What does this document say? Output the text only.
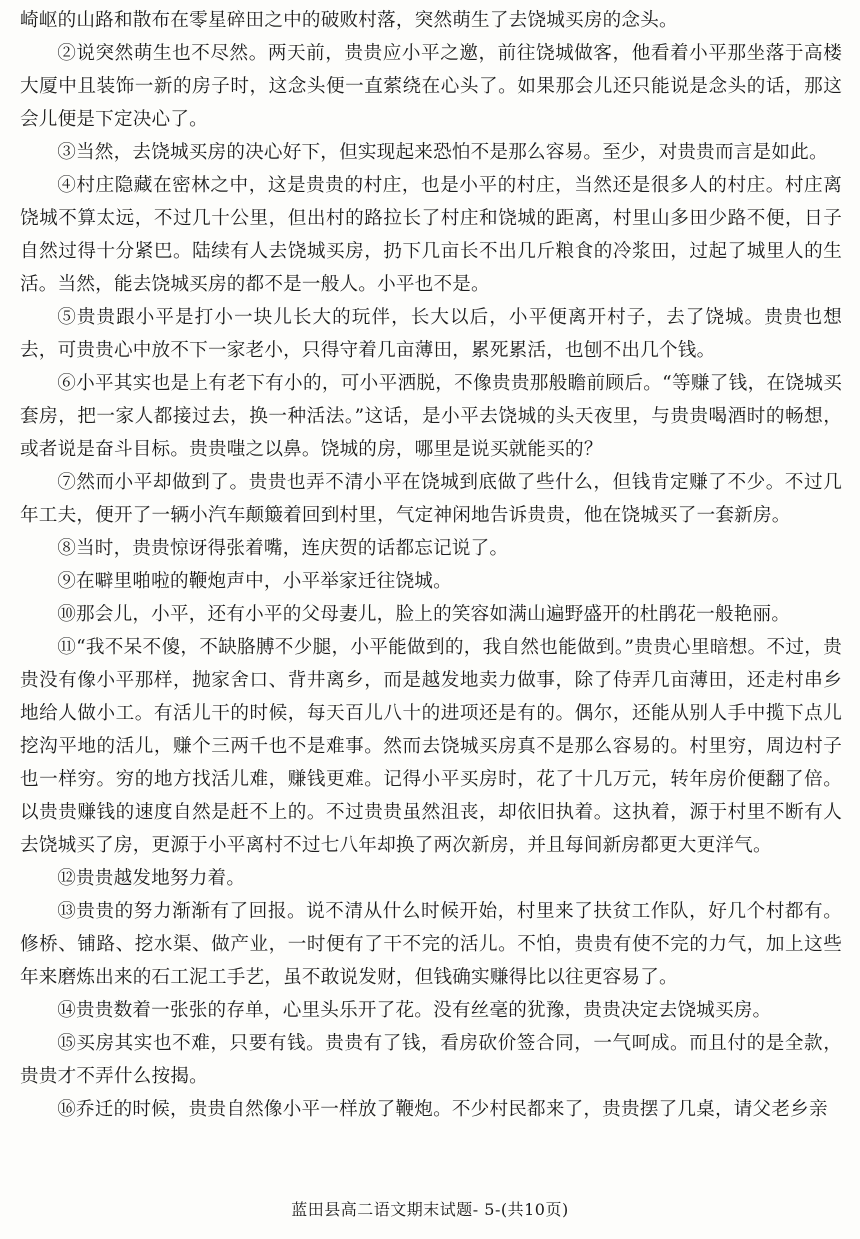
崎岖的山路和散布在零星碎田之中的破败村落，突然萌生了去饶城买房的念头。

②说突然萌生也不尽然。两天前，贵贵应小平之邀，前往饶城做客，他看着小平那坐落于高楼大厦中且装饰一新的房子时，这念头便一直萦绕在心头了。如果那会儿还只能说是念头的话，那这会儿便是下定决心了。

③当然，去饶城买房的决心好下，但实现起来恐怕不是那么容易。至少，对贵贵而言是如此。

④村庄隐藏在密林之中，这是贵贵的村庄，也是小平的村庄，当然还是很多人的村庄。村庄离饶城不算太远，不过几十公里，但出村的路拉长了村庄和饶城的距离，村里山多田少路不便，日子自然过得十分紧巴。陆续有人去饶城买房，扔下几亩长不出几斤粮食的冷浆田，过起了城里人的生活。当然，能去饶城买房的都不是一般人。小平也不是。

⑤贵贵跟小平是打小一块儿长大的玩伴，长大以后，小平便离开村子，去了饶城。贵贵也想去，可贵贵心中放不下一家老小，只得守着几亩薄田，累死累活，也刨不出几个钱。

⑥小平其实也是上有老下有小的，可小平洒脱，不像贵贵那般瞻前顾后。“等赚了钱，在饶城买套房，把一家人都接过去，换一种活法。”这话，是小平去饶城的头天夜里，与贵贵喝酒时的畅想，或者说是奋斗目标。贵贵嗤之以鼻。饶城的房，哪里是说买就能买的？

⑦然而小平却做到了。贵贵也弄不清小平在饶城到底做了些什么，但钱肯定赚了不少。不过几年工夫，便开了一辆小汽车颠簸着回到村里，气定神闲地告诉贵贵，他在饶城买了一套新房。

⑧当时，贵贵惊讶得张着嘴，连庆贺的话都忘记说了。

⑨在噼里啪啦的鞭炮声中，小平举家迁往饶城。

⑩那会儿，小平，还有小平的父母妻儿，脸上的笑容如满山遍野盛开的杜鹃花一般艳丽。

⑪“我不呆不傻，不缺胳膊不少腿，小平能做到的，我自然也能做到。”贵贵心里暗想。不过，贵贵没有像小平那样，抛家舍口、背井离乡，而是越发地卖力做事，除了侍弄几亩薄田，还走村串乡地给人做小工。有活儿干的时候，每天百儿八十的进项还是有的。偶尔，还能从别人手中揽下点儿挖沟平地的活儿，赚个三两千也不是难事。然而去饶城买房真不是那么容易的。村里穷，周边村子也一样穷。穷的地方找活儿难，赚钱更难。记得小平买房时，花了十几万元，转年房价便翻了倍。以贵贵赚钱的速度自然是赶不上的。不过贵贵虽然沮丧，却依旧执着。这执着，源于村里不断有人去饶城买了房，更源于小平离村不过七八年却换了两次新房，并且每间新房都更大更洋气。

⑫贵贵越发地努力着。

⑬贵贵的努力渐渐有了回报。说不清从什么时候开始，村里来了扶贫工作队，好几个村都有。修桥、铺路、挖水渠、做产业，一时便有了干不完的活儿。不怕，贵贵有使不完的力气，加上这些年来磨炼出来的石工泥工手艺，虽不敢说发财，但钱确实赚得比以往更容易了。

⑭贵贵数着一张张的存单，心里头乐开了花。没有丝毫的犹豫，贵贵决定去饶城买房。

⑮买房其实也不难，只要有钱。贵贵有了钱，看房砍价签合同，一气呵成。而且付的是全款，贵贵才不弄什么按揭。

⑯乔迁的时候，贵贵自然像小平一样放了鞭炮。不少村民都来了，贵贵摆了几桌，请父老乡亲

蓝田县高二语文期末试题- 5-(共10页)
